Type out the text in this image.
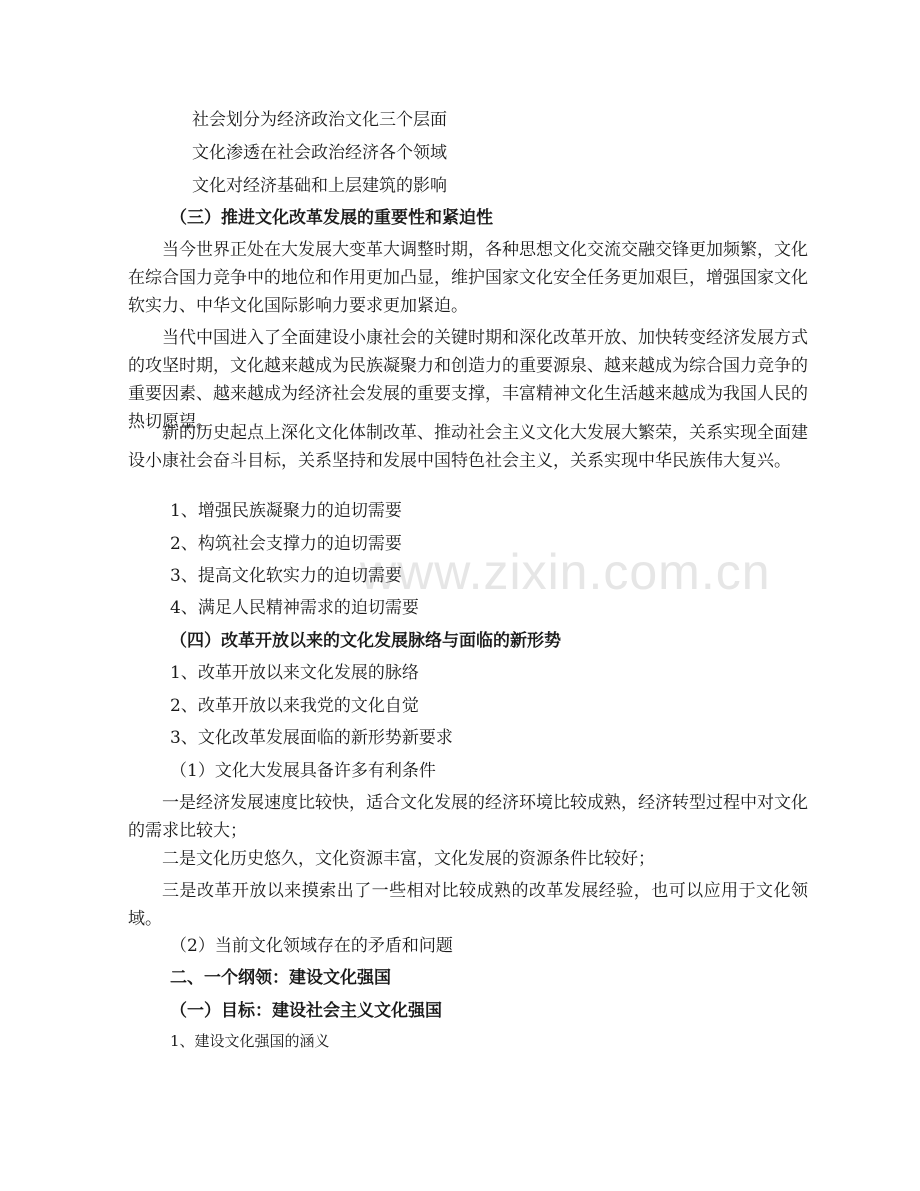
www.zixin.com.cn
社会划分为经济政治文化三个层面
文化渗透在社会政治经济各个领域
文化对经济基础和上层建筑的影响
（三）推进文化改革发展的重要性和紧迫性
当今世界正处在大发展大变革大调整时期，各种思想文化交流交融交锋更加频繁，文化在综合国力竞争中的地位和作用更加凸显，维护国家文化安全任务更加艰巨，增强国家文化软实力、中华文化国际影响力要求更加紧迫。
当代中国进入了全面建设小康社会的关键时期和深化改革开放、加快转变经济发展方式的攻坚时期，文化越来越成为民族凝聚力和创造力的重要源泉、越来越成为综合国力竞争的重要因素、越来越成为经济社会发展的重要支撑，丰富精神文化生活越来越成为我国人民的热切愿望。
新的历史起点上深化文化体制改革、推动社会主义文化大发展大繁荣，关系实现全面建设小康社会奋斗目标，关系坚持和发展中国特色社会主义，关系实现中华民族伟大复兴。
1、增强民族凝聚力的迫切需要
2、构筑社会支撑力的迫切需要
3、提高文化软实力的迫切需要
4、满足人民精神需求的迫切需要
（四）改革开放以来的文化发展脉络与面临的新形势
1、改革开放以来文化发展的脉络
2、改革开放以来我党的文化自觉
3、文化改革发展面临的新形势新要求
（1）文化大发展具备许多有利条件
一是经济发展速度比较快，适合文化发展的经济环境比较成熟，经济转型过程中对文化的需求比较大；
二是文化历史悠久，文化资源丰富，文化发展的资源条件比较好；
三是改革开放以来摸索出了一些相对比较成熟的改革发展经验，也可以应用于文化领域。
（2）当前文化领域存在的矛盾和问题
二、一个纲领：建设文化强国
（一）目标：建设社会主义文化强国
1、建设文化强国的涵义
